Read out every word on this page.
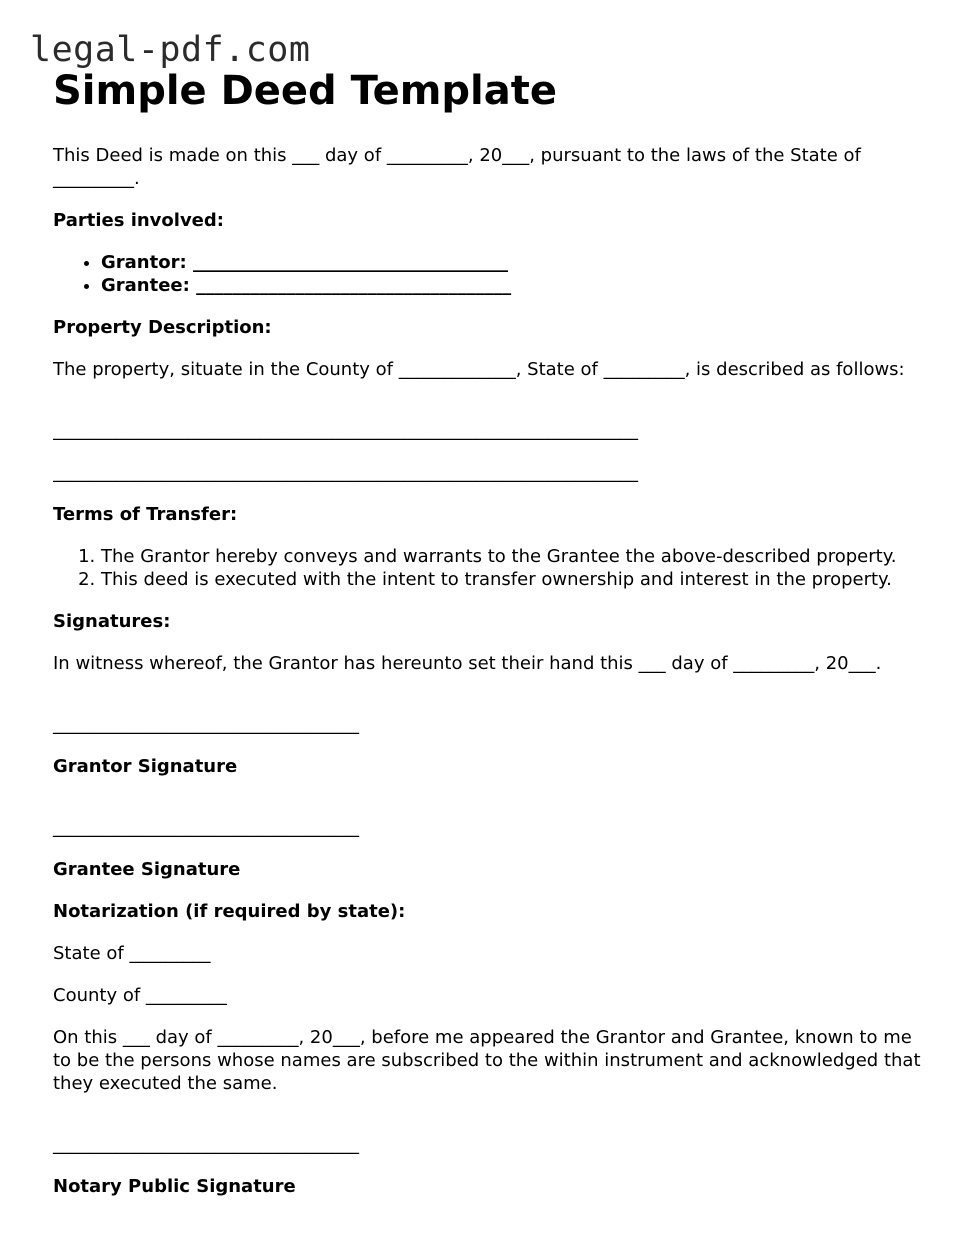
legal-pdf.com
Simple Deed Template

This Deed is made on this ___ day of _________, 20___, pursuant to the laws of the State of _________.

Parties involved:
• Grantor: ___________________________________
• Grantee: ___________________________________
Property Description:

The property, situate in the County of _____________, State of _________, is described as follows:

_________________________________________________________________
_________________________________________________________________
Terms of Transfer:
1. The Grantor hereby conveys and warrants to the Grantee the above-described property.
2. This deed is executed with the intent to transfer ownership and interest in the property.
Signatures:

In witness whereof, the Grantor has hereunto set their hand this ___ day of _________, 20___.

__________________________________
Grantor Signature
__________________________________
Grantee Signature
Notarization (if required by state):

State of _________

County of _________

On this ___ day of _________, 20___, before me appeared the Grantor and Grantee, known to me to be the persons whose names are subscribed to the within instrument and acknowledged that they executed the same.

__________________________________
Notary Public Signature
